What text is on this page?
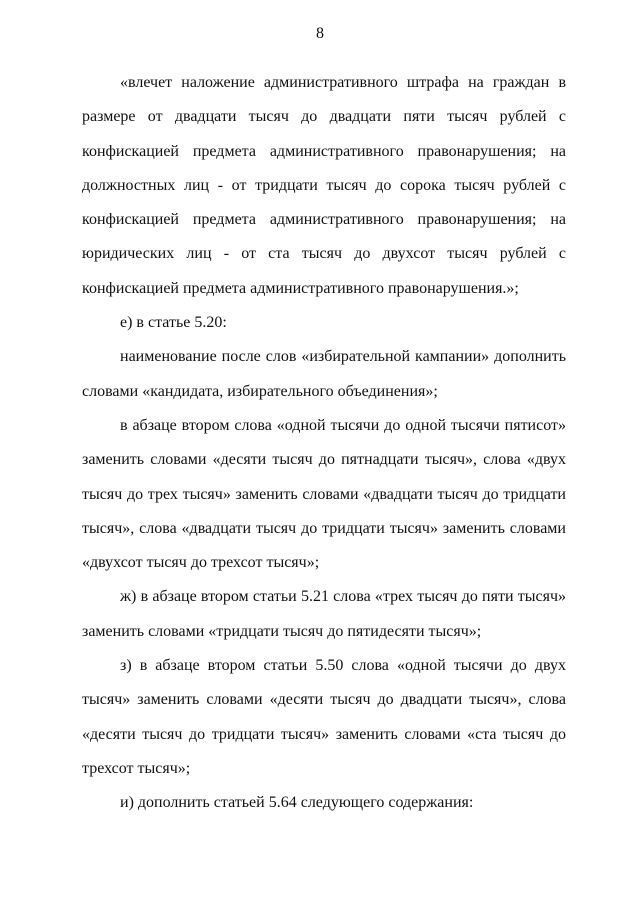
8

«влечет наложение административного штрафа на граждан в размере от двадцати тысяч до двадцати пяти тысяч рублей с конфискацией предмета административного правонарушения; на должностных лиц - от тридцати тысяч до сорока тысяч рублей с конфискацией предмета административного правонарушения; на юридических лиц - от ста тысяч до двухсот тысяч рублей с конфискацией предмета административного правонарушения.»;

е) в статье 5.20:

наименование после слов «избирательной кампании» дополнить словами «кандидата, избирательного объединения»;

в абзаце втором слова «одной тысячи до одной тысячи пятисот» заменить словами «десяти тысяч до пятнадцати тысяч», слова «двух тысяч до трех тысяч» заменить словами «двадцати тысяч до тридцати тысяч», слова «двадцати тысяч до тридцати тысяч» заменить словами «двухсот тысяч до трехсот тысяч»;

ж) в абзаце втором статьи 5.21 слова «трех тысяч до пяти тысяч» заменить словами «тридцати тысяч до пятидесяти тысяч»;

з) в абзаце втором статьи 5.50 слова «одной тысячи до двух тысяч» заменить словами «десяти тысяч до двадцати тысяч», слова «десяти тысяч до тридцати тысяч» заменить словами «ста тысяч до трехсот тысяч»;

и) дополнить статьей 5.64 следующего содержания:
